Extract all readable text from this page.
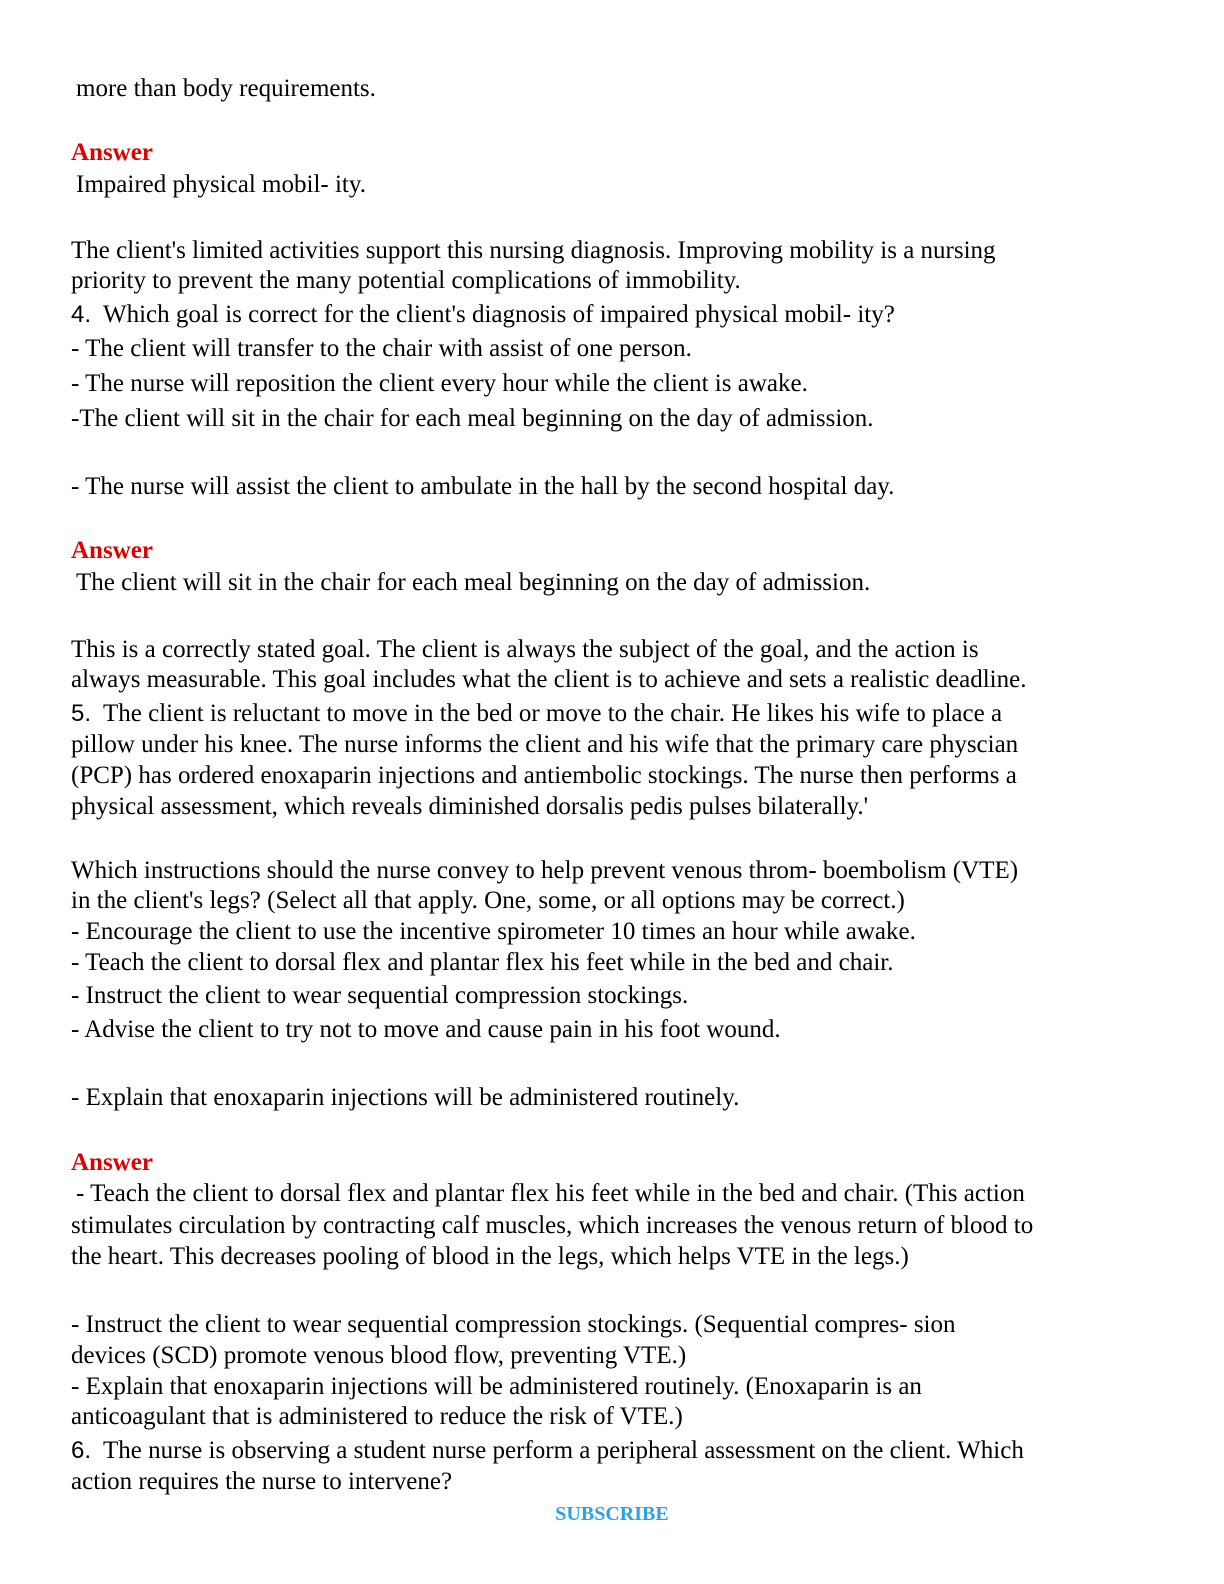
more than body requirements.
Answer
Impaired physical mobil- ity.
The client's limited activities support this nursing diagnosis. Improving mobility is a nursing
priority to prevent the many potential complications of immobility.
4. Which goal is correct for the client's diagnosis of impaired physical mobil- ity?
- The client will transfer to the chair with assist of one person.
- The nurse will reposition the client every hour while the client is awake.
-The client will sit in the chair for each meal beginning on the day of admission.
- The nurse will assist the client to ambulate in the hall by the second hospital day.
Answer
The client will sit in the chair for each meal beginning on the day of admission.
This is a correctly stated goal. The client is always the subject of the goal, and the action is
always measurable. This goal includes what the client is to achieve and sets a realistic deadline.
5. The client is reluctant to move in the bed or move to the chair. He likes his wife to place a
pillow under his knee. The nurse informs the client and his wife that the primary care physcian
(PCP) has ordered enoxaparin injections and antiembolic stockings. The nurse then performs a
physical assessment, which reveals diminished dorsalis pedis pulses bilaterally.'
Which instructions should the nurse convey to help prevent venous throm- boembolism (VTE)
in the client's legs? (Select all that apply. One, some, or all options may be correct.)
- Encourage the client to use the incentive spirometer 10 times an hour while awake.
- Teach the client to dorsal flex and plantar flex his feet while in the bed and chair.
- Instruct the client to wear sequential compression stockings.
- Advise the client to try not to move and cause pain in his foot wound.
- Explain that enoxaparin injections will be administered routinely.
Answer
- Teach the client to dorsal flex and plantar flex his feet while in the bed and chair. (This action
stimulates circulation by contracting calf muscles, which increases the venous return of blood to
the heart. This decreases pooling of blood in the legs, which helps VTE in the legs.)
- Instruct the client to wear sequential compression stockings. (Sequential compres- sion
devices (SCD) promote venous blood flow, preventing VTE.)
- Explain that enoxaparin injections will be administered routinely. (Enoxaparin is an
anticoagulant that is administered to reduce the risk of VTE.)
6. The nurse is observing a student nurse perform a peripheral assessment on the client. Which
action requires the nurse to intervene?
SUBSCRIBE
